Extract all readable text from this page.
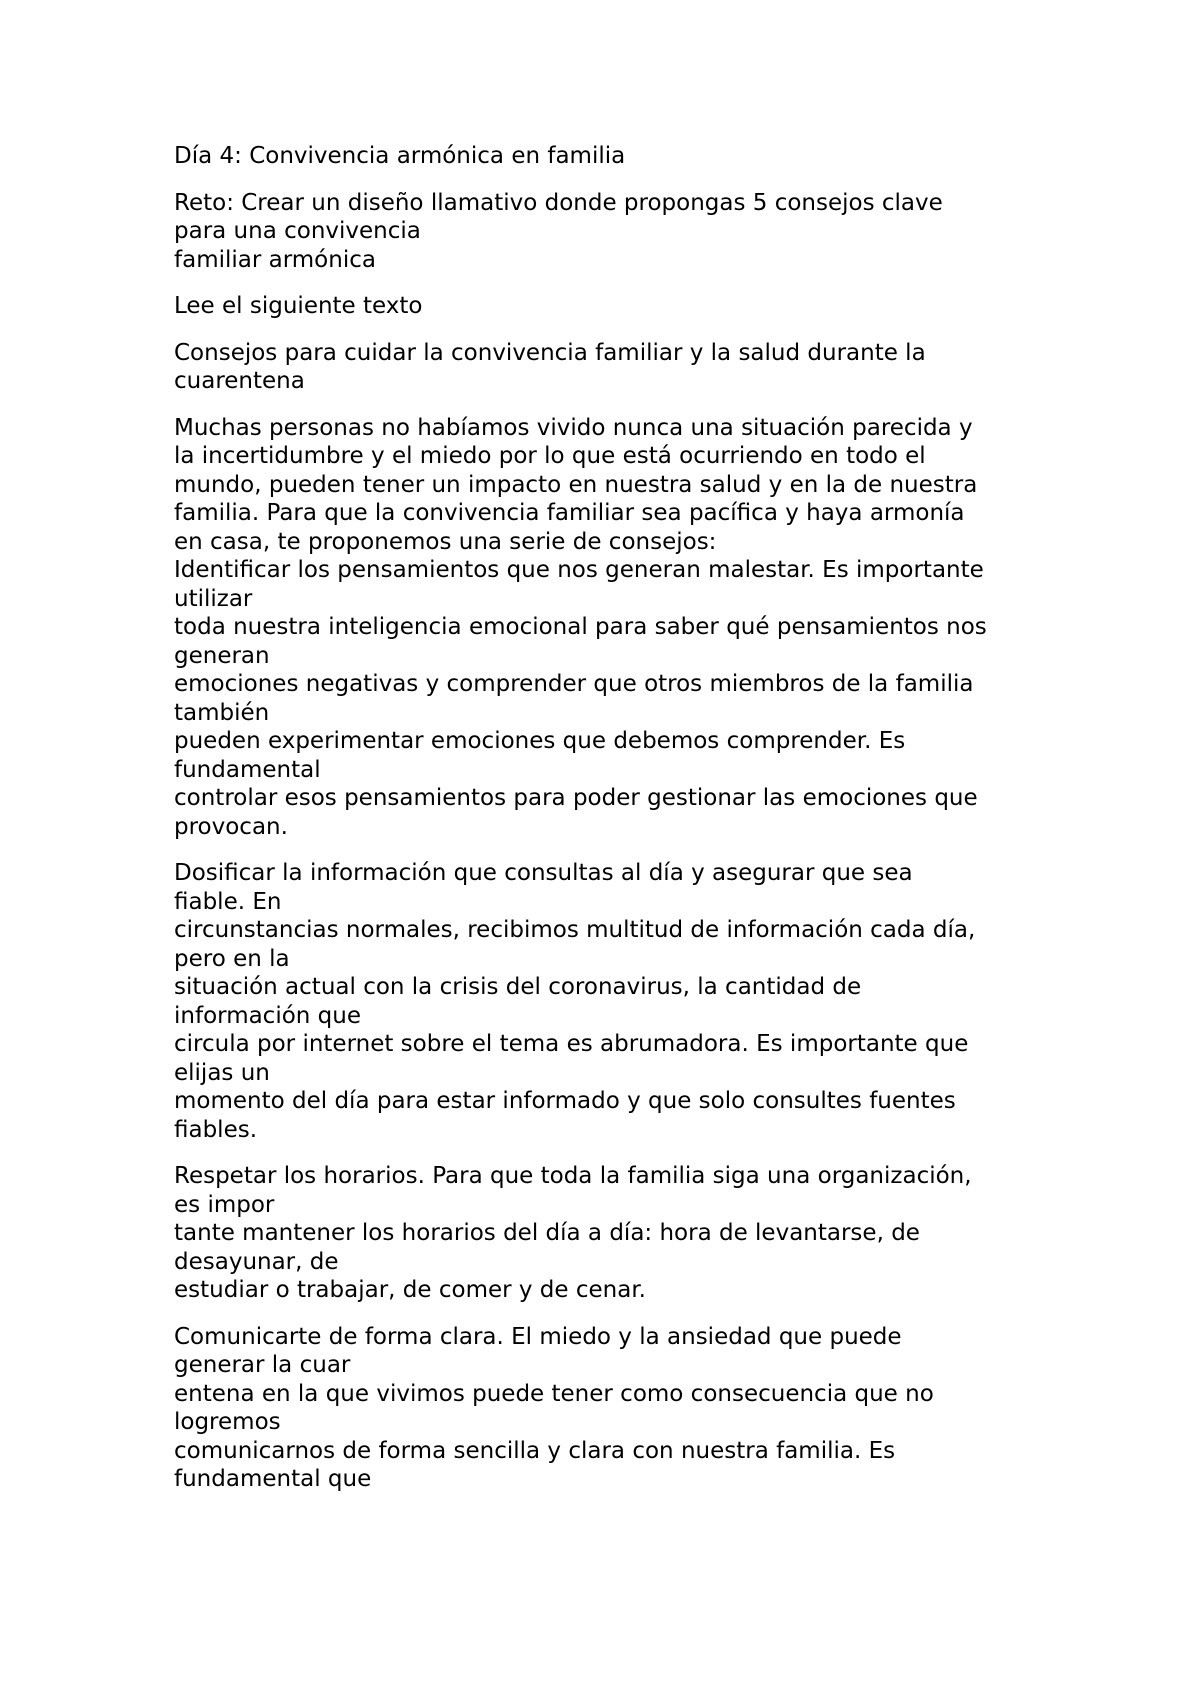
Día 4: Convivencia armónica en familia
Reto: Crear un diseño llamativo donde propongas 5 consejos clave
para una convivencia
familiar armónica
Lee el siguiente texto
Consejos para cuidar la convivencia familiar y la salud durante la
cuarentena
Muchas personas no habíamos vivido nunca una situación parecida y
la incertidumbre y el miedo por lo que está ocurriendo en todo el
mundo, pueden tener un impacto en nuestra salud y en la de nuestra
familia. Para que la convivencia familiar sea pacífica y haya armonía
en casa, te proponemos una serie de consejos:
Identificar los pensamientos que nos generan malestar. Es importante
utilizar
toda nuestra inteligencia emocional para saber qué pensamientos nos
generan
emociones negativas y comprender que otros miembros de la familia
también
pueden experimentar emociones que debemos comprender. Es
fundamental
controlar esos pensamientos para poder gestionar las emociones que
provocan.
Dosificar la información que consultas al día y asegurar que sea
fiable. En
circunstancias normales, recibimos multitud de información cada día,
pero en la
situación actual con la crisis del coronavirus, la cantidad de
información que
circula por internet sobre el tema es abrumadora. Es importante que
elijas un
momento del día para estar informado y que solo consultes fuentes
fiables.
Respetar los horarios. Para que toda la familia siga una organización,
es impor
tante mantener los horarios del día a día: hora de levantarse, de
desayunar, de
estudiar o trabajar, de comer y de cenar.
Comunicarte de forma clara. El miedo y la ansiedad que puede
generar la cuar
entena en la que vivimos puede tener como consecuencia que no
logremos
comunicarnos de forma sencilla y clara con nuestra familia. Es
fundamental que
